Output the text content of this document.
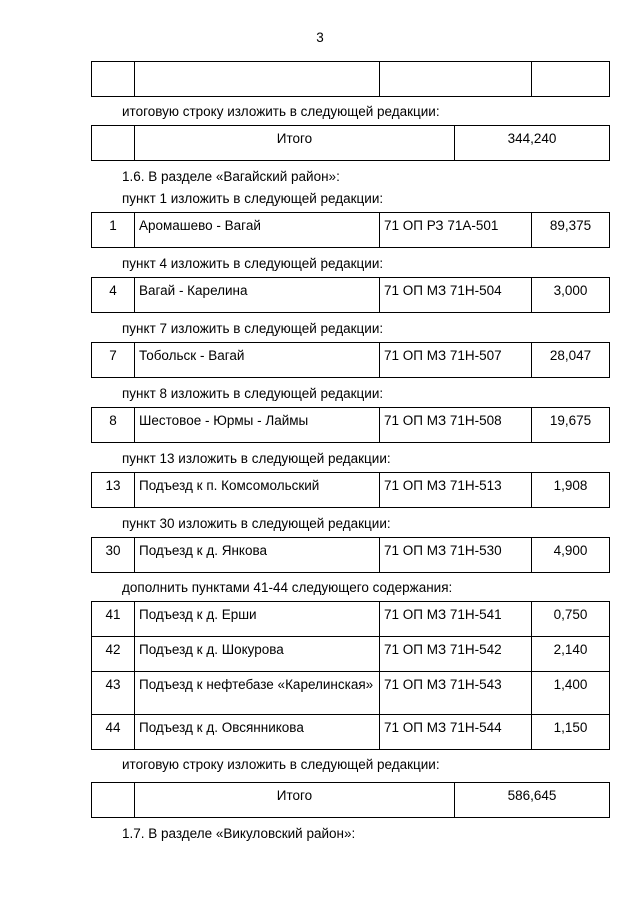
3

итоговую строку изложить в следующей редакции:
	Итого	344,240
1.6. В разделе «Вагайский район»:
пункт 1 изложить в следующей редакции:
1	Аромашево - Вагай	71 ОП РЗ 71А-501	89,375
пункт 4 изложить в следующей редакции:
4	Вагай - Карелина	71 ОП МЗ 71Н-504	3,000
пункт 7 изложить в следующей редакции:
7	Тобольск - Вагай	71 ОП МЗ 71Н-507	28,047
пункт 8 изложить в следующей редакции:
8	Шестовое - Юрмы - Лаймы	71 ОП МЗ 71Н-508	19,675
пункт 13 изложить в следующей редакции:
13	Подъезд к п. Комсомольский	71 ОП МЗ 71Н-513	1,908
пункт 30 изложить в следующей редакции:
30	Подъезд к д. Янкова	71 ОП МЗ 71Н-530	4,900
дополнить пунктами 41-44 следующего содержания:
41	Подъезд к д. Ерши	71 ОП МЗ 71Н-541	0,750
42	Подъезд к д. Шокурова	71 ОП МЗ 71Н-542	2,140
43	Подъезд к нефтебазе «Карелинская»	71 ОП МЗ 71Н-543	1,400
44	Подъезд к д. Овсянникова	71 ОП МЗ 71Н-544	1,150
итоговую строку изложить в следующей редакции:
	Итого	586,645
1.7. В разделе «Викуловский район»:
